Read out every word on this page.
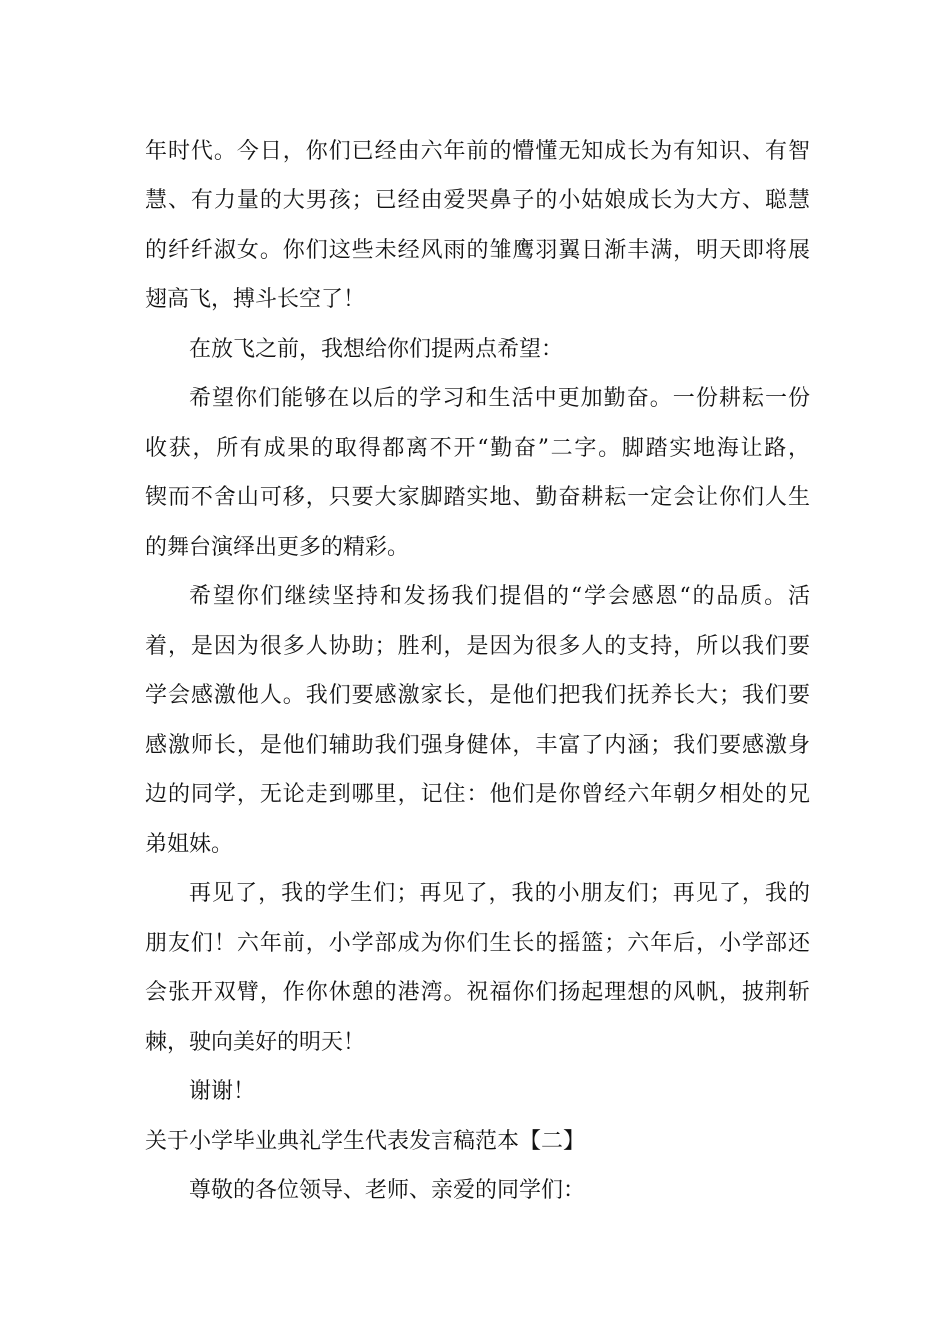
年时代。今日，你们已经由六年前的懵懂无知成长为有知识、有智
慧、有力量的大男孩；已经由爱哭鼻子的小姑娘成长为大方、聪慧
的纤纤淑女。你们这些未经风雨的雏鹰羽翼日渐丰满，明天即将展
翅高飞，搏斗长空了！
在放飞之前，我想给你们提两点希望：
希望你们能够在以后的学习和生活中更加勤奋。一份耕耘一份
收获，所有成果的取得都离不开“勤奋”二字。脚踏实地海让路，
锲而不舍山可移，只要大家脚踏实地、勤奋耕耘一定会让你们人生
的舞台演绎出更多的精彩。
希望你们继续坚持和发扬我们提倡的“学会感恩“的品质。活
着，是因为很多人协助；胜利，是因为很多人的支持，所以我们要
学会感激他人。我们要感激家长，是他们把我们抚养长大；我们要
感激师长，是他们辅助我们强身健体，丰富了内涵；我们要感激身
边的同学，无论走到哪里，记住：他们是你曾经六年朝夕相处的兄
弟姐妹。
再见了，我的学生们；再见了，我的小朋友们；再见了，我的
朋友们！六年前，小学部成为你们生长的摇篮；六年后，小学部还
会张开双臂，作你休憩的港湾。祝福你们扬起理想的风帆，披荆斩
棘，驶向美好的明天！
谢谢！
关于小学毕业典礼学生代表发言稿范本【二】
尊敬的各位领导、老师、亲爱的同学们：
